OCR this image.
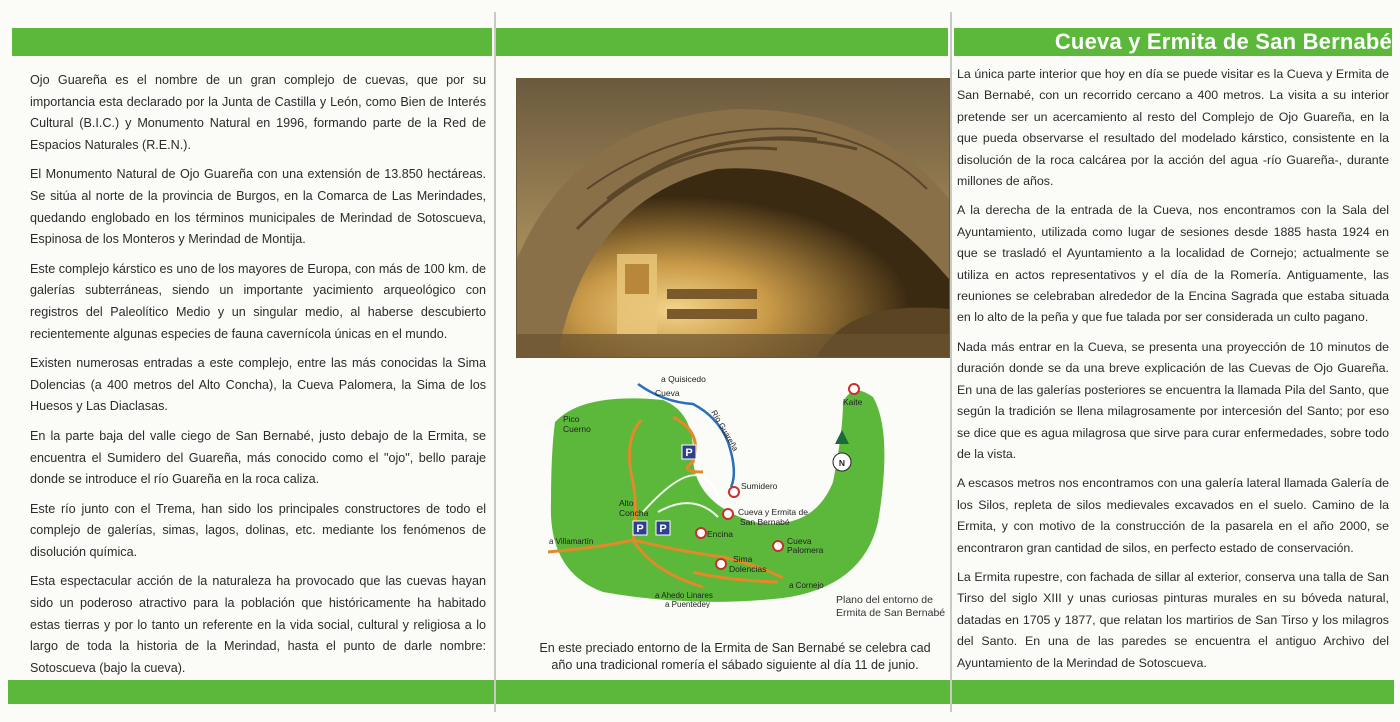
Cueva y Ermita de San Bernabé

Ojo Guareña es el nombre de un gran complejo de cuevas, que por su importancia esta declarado por la Junta de Castilla y León, como Bien de Interés Cultural (B.I.C.) y Monumento Natural en 1996, formando parte de la Red de Espacios Naturales (R.E.N.).

El Monumento Natural de Ojo Guareña con una extensión de 13.850 hectáreas. Se sitúa al norte de la provincia de Burgos, en la Comarca de Las Merindades, quedando englobado en los términos municipales de Merindad de Sotoscueva, Espinosa de los Monteros y Merindad de Montija.

Este complejo kárstico es uno de los mayores de Europa, con más de 100 km. de galerías subterráneas, siendo un importante yacimiento arqueológico con registros del Paleolítico Medio y un singular medio, al haberse descubierto recientemente algunas especies de fauna cavernícola únicas en el mundo.

Existen numerosas entradas a este complejo, entre las más conocidas la Sima Dolencias (a 400 metros del Alto Concha), la Cueva Palomera, la Sima de los Huesos y Las Diaclasas.

En la parte baja del valle ciego de San Bernabé, justo debajo de la Ermita, se encuentra el Sumidero del Guareña, más conocido como el "ojo", bello paraje donde se introduce el río Guareña en la roca caliza.

Este río junto con el Trema, han sido los principales constructores de todo el complejo de galerías, simas, lagos, dolinas, etc. mediante los fenómenos de disolución química.

Esta espectacular acción de la naturaleza ha provocado que las cuevas hayan sido un poderoso atractivo para la población que históricamente ha habitado estas tierras y por lo tanto un referente en la vida social, cultural y religiosa a lo largo de toda la historia de la Merindad, hasta el punto de darle nombre: Sotoscueva (bajo la cueva).

La única parte interior que hoy en día se puede visitar es la Cueva y Ermita de San Bernabé, con un recorrido cercano a 400 metros. La visita a su interior pretende ser un acercamiento al resto del Complejo de Ojo Guareña, en la que pueda observarse el resultado del modelado kárstico, consistente en la disolución de la roca calcárea por la acción del agua -río Guareña-, durante millones de años.

A la derecha de la entrada de la Cueva, nos encontramos con la Sala del Ayuntamiento, utilizada como lugar de sesiones desde 1885 hasta 1924 en que se trasladó el Ayuntamiento a la localidad de Cornejo; actualmente se utiliza en actos representativos y el día de la Romería. Antiguamente, las reuniones se celebraban alrededor de la Encina Sagrada que estaba situada en lo alto de la peña y que fue talada por ser considerada un culto pagano.

Nada más entrar en la Cueva, se presenta una proyección de 10 minutos de duración donde se da una breve explicación de las Cuevas de Ojo Guareña. En una de las galerías posteriores se encuentra la llamada Pila del Santo, que según la tradición se llena milagrosamente por intercesión del Santo; por eso se dice que es agua milagrosa que sirve para curar enfermedades, sobre todo de la vista.

A escasos metros nos encontramos con una galería lateral llamada Galería de los Silos, repleta de silos medievales excavados en el suelo. Camino de la Ermita, y con motivo de la construcción de la pasarela en el año 2000, se encontraron gran cantidad de silos, en perfecto estado de conservación.

La Ermita rupestre, con fachada de sillar al exterior, conserva una talla de San Tirso del siglo XIII y unas curiosas pinturas murales en su bóveda natural, datadas en 1705 y 1877, que relatan los martirios de San Tirso y los milagros del Santo. En una de las paredes se encuentra el antiguo Archivo del Ayuntamiento de la Merindad de Sotoscueva.

P
P P
N
a Quisicedo
Cueva
Río Guareña
Kaite
Pico
Cuerno
Sumidero
Alto
Concha	Cueva y Ermita de
San Bernabé
a Villamartín
Encina
Cueva
Palomera
Sima
Dolencias
a Cornejo
a Ahedo Linares
a Puentedey	Plano del entorno de
Ermita de San Bernabé
En este preciado entorno de la Ermita de San Bernabé se celebra cad
año una tradicional romería el sábado siguiente al día 11 de junio.
